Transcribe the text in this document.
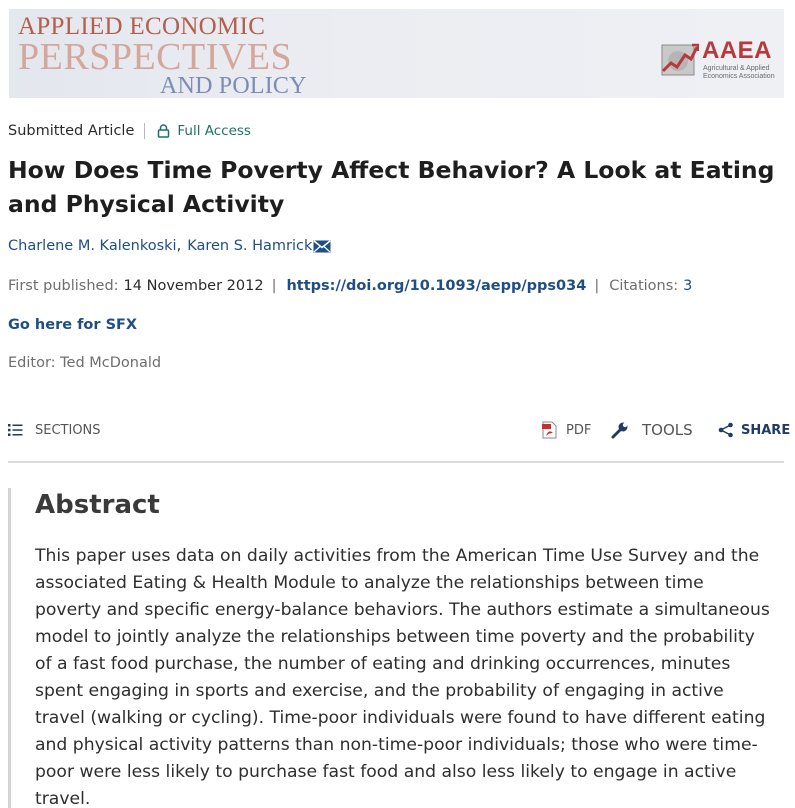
APPLIED ECONOMIC
PERSPECTIVES
AND POLICY
AAEA
Agricultural & Applied Economics Association
Submitted Article	Full Access
How Does Time Poverty Affect Behavior? A Look at Eating and Physical Activity
Charlene M. Kalenkoski , Karen S. Hamrick
First published: 14 November 2012 | https://doi.org/10.1093/aepp/pps034 | Citations: 3
Go here for SFX
Editor: Ted McDonald
SECTIONS	PDF	TOOLS	SHARE
Abstract

This paper uses data on daily activities from the American Time Use Survey and the associated Eating & Health Module to analyze the relationships between time poverty and specific energy-balance behaviors. The authors estimate a simultaneous model to jointly analyze the relationships between time poverty and the probability of a fast food purchase, the number of eating and drinking occurrences, minutes spent engaging in sports and exercise, and the probability of engaging in active travel (walking or cycling). Time-poor individuals were found to have different eating and physical activity patterns than non-time-poor individuals; those who were time-poor were less likely to purchase fast food and also less likely to engage in active travel.
